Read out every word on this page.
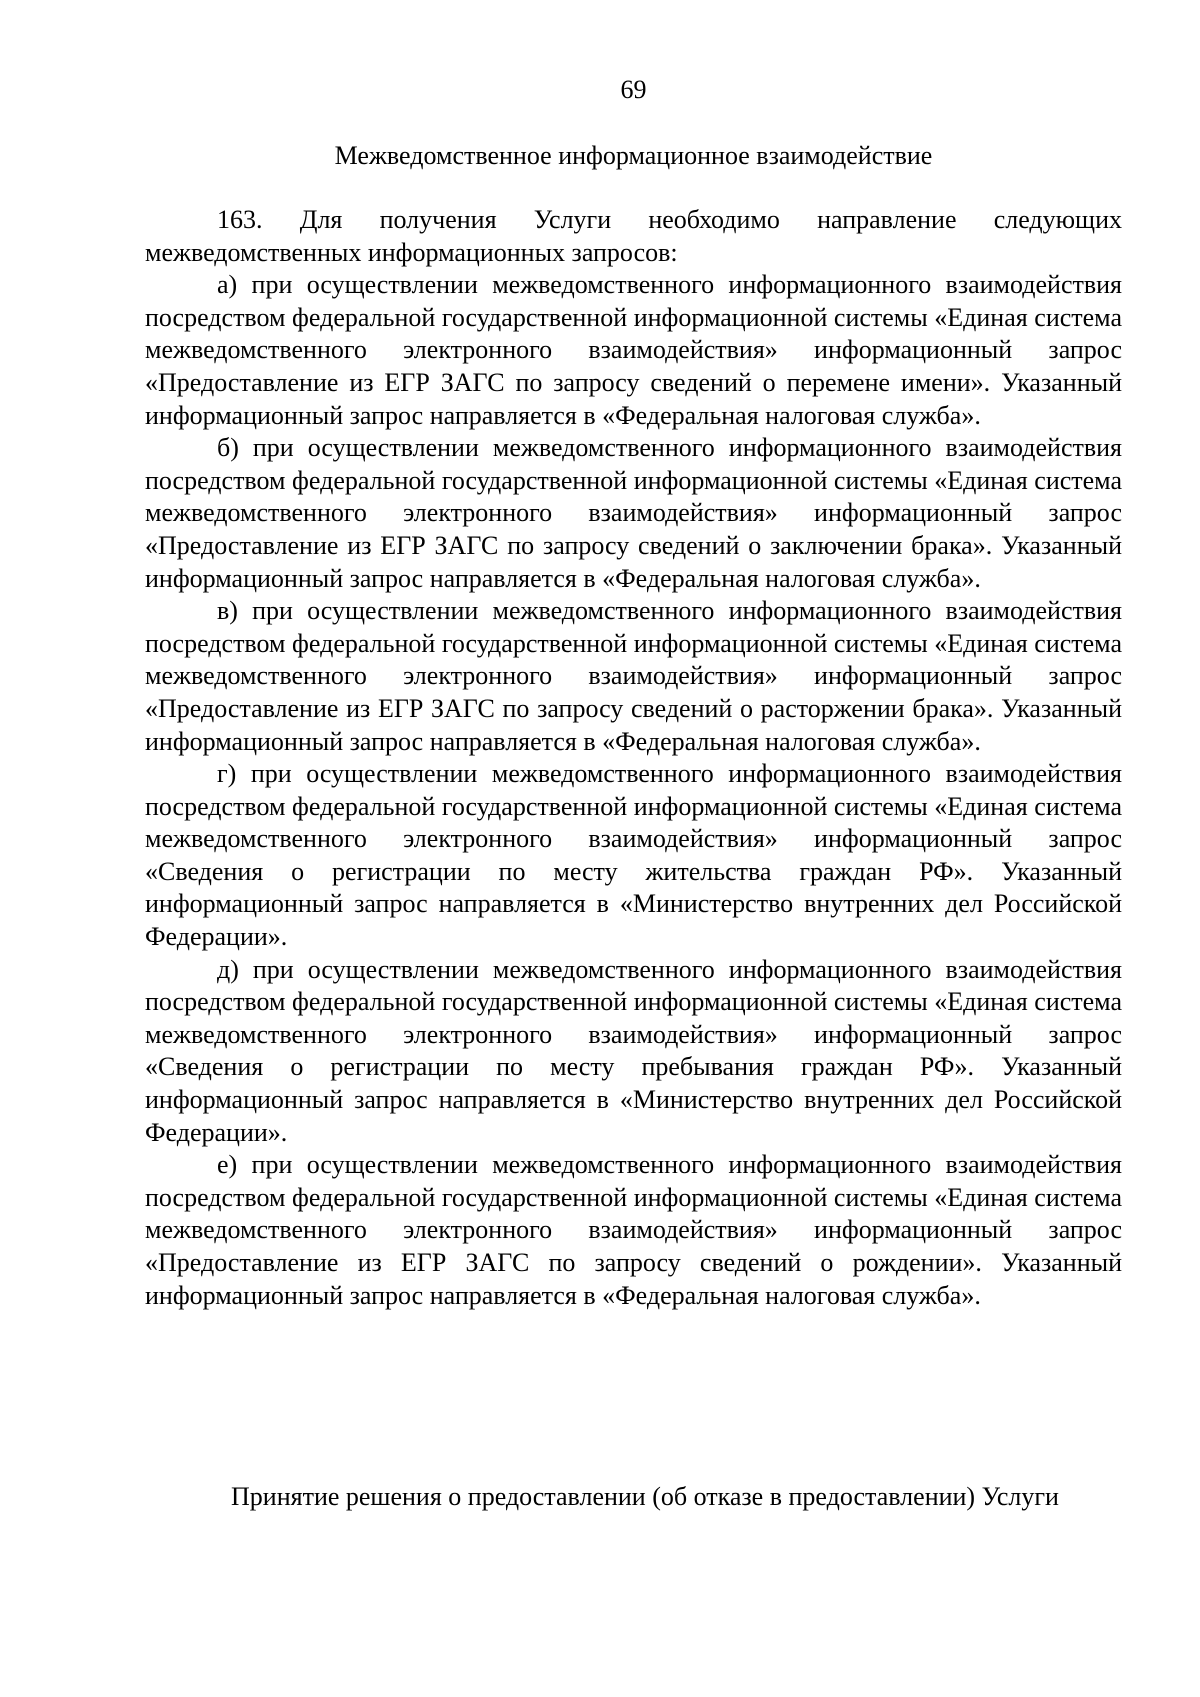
69
Межведомственное информационное взаимодействие

163. Для получения Услуги необходимо направление следующих межведомственных информационных запросов:

а) при осуществлении межведомственного информационного взаимодействия посредством федеральной государственной информационной системы «Единая система межведомственного электронного взаимодействия» информационный запрос «Предоставление из ЕГР ЗАГС по запросу сведений о перемене имени». Указанный информационный запрос направляется в «Федеральная налоговая служба».

б) при осуществлении межведомственного информационного взаимодействия посредством федеральной государственной информационной системы «Единая система межведомственного электронного взаимодействия» информационный запрос «Предоставление из ЕГР ЗАГС по запросу сведений о заключении брака». Указанный информационный запрос направляется в «Федеральная налоговая служба».

в) при осуществлении межведомственного информационного взаимодействия посредством федеральной государственной информационной системы «Единая система межведомственного электронного взаимодействия» информационный запрос «Предоставление из ЕГР ЗАГС по запросу сведений о расторжении брака». Указанный информационный запрос направляется в «Федеральная налоговая служба».

г) при осуществлении межведомственного информационного взаимодействия посредством федеральной государственной информационной системы «Единая система межведомственного электронного взаимодействия» информационный запрос «Сведения о регистрации по месту жительства граждан РФ». Указанный информационный запрос направляется в «Министерство внутренних дел Российской Федерации».

д) при осуществлении межведомственного информационного взаимодействия посредством федеральной государственной информационной системы «Единая система межведомственного электронного взаимодействия» информационный запрос «Сведения о регистрации по месту пребывания граждан РФ». Указанный информационный запрос направляется в «Министерство внутренних дел Российской Федерации».

е) при осуществлении межведомственного информационного взаимодействия посредством федеральной государственной информационной системы «Единая система межведомственного электронного взаимодействия» информационный запрос «Предоставление из ЕГР ЗАГС по запросу сведений о рождении». Указанный информационный запрос направляется в «Федеральная налоговая служба».

Принятие решения о предоставлении (об отказе в предоставлении) Услуги
